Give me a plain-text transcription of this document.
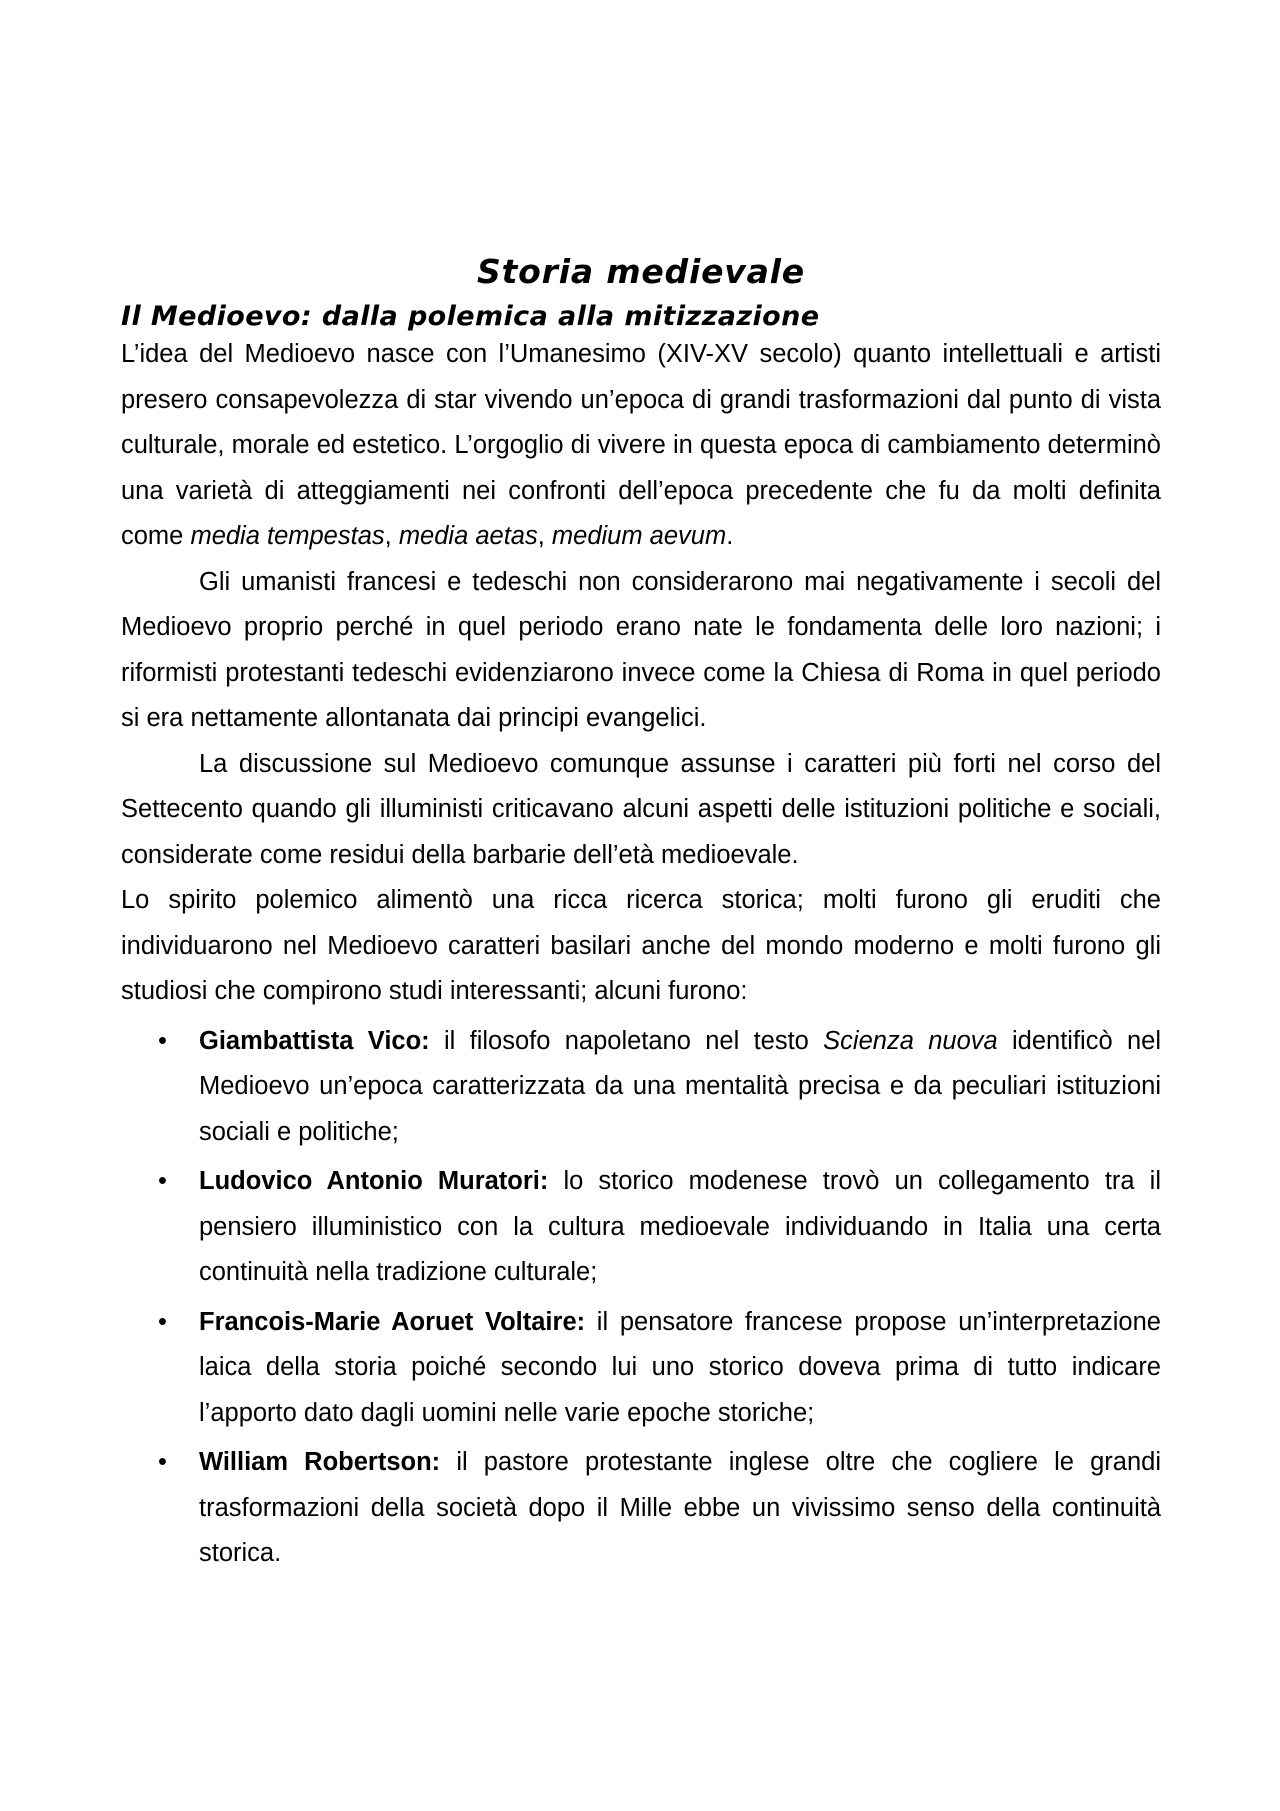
Storia medievale
Il Medioevo: dalla polemica alla mitizzazione

L’idea del Medioevo nasce con l’Umanesimo (XIV-XV secolo) quanto intellettuali e artisti presero consapevolezza di star vivendo un’epoca di grandi trasformazioni dal punto di vista culturale, morale ed estetico. L’orgoglio di vivere in questa epoca di cambiamento determinò una varietà di atteggiamenti nei confronti dell’epoca precedente che fu da molti definita come media tempestas, media aetas, medium aevum.

Gli umanisti francesi e tedeschi non considerarono mai negativamente i secoli del Medioevo proprio perché in quel periodo erano nate le fondamenta delle loro nazioni; i riformisti protestanti tedeschi evidenziarono invece come la Chiesa di Roma in quel periodo si era nettamente allontanata dai principi evangelici.

La discussione sul Medioevo comunque assunse i caratteri più forti nel corso del Settecento quando gli illuministi criticavano alcuni aspetti delle istituzioni politiche e sociali, considerate come residui della barbarie dell’età medioevale.

Lo spirito polemico alimentò una ricca ricerca storica; molti furono gli eruditi che individuarono nel Medioevo caratteri basilari anche del mondo moderno e molti furono gli studiosi che compirono studi interessanti; alcuni furono:

• Giambattista Vico: il filosofo napoletano nel testo Scienza nuova identificò nel Medioevo un’epoca caratterizzata da una mentalità precisa e da peculiari istituzioni sociali e politiche;
• Ludovico Antonio Muratori: lo storico modenese trovò un collegamento tra il pensiero illuministico con la cultura medioevale individuando in Italia una certa continuità nella tradizione culturale;
• Francois-Marie Aoruet Voltaire: il pensatore francese propose un’interpretazione laica della storia poiché secondo lui uno storico doveva prima di tutto indicare l’apporto dato dagli uomini nelle varie epoche storiche;
• William Robertson: il pastore protestante inglese oltre che cogliere le grandi trasformazioni della società dopo il Mille ebbe un vivissimo senso della continuità storica.
